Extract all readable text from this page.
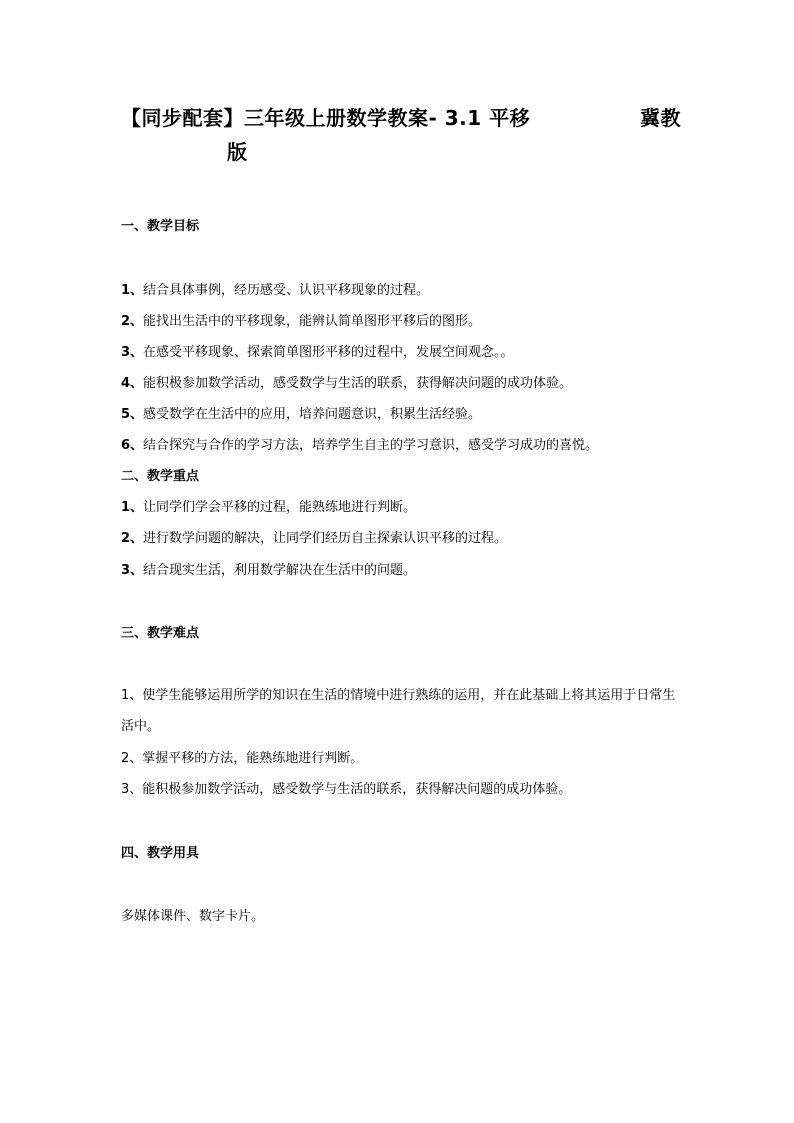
【同步配套】三年级上册数学教案- 3.1 平移	冀教
版
一、教学目标
1、结合具体事例，经历感受、认识平移现象的过程。
2、能找出生活中的平移现象，能辨认简单图形平移后的图形。
3、在感受平移现象、探索简单图形平移的过程中，发展空间观念。。
4、能积极参加数学活动，感受数学与生活的联系，获得解决问题的成功体验。
5、感受数学在生活中的应用，培养问题意识，积累生活经验。
6、结合探究与合作的学习方法，培养学生自主的学习意识，感受学习成功的喜悦。
二、教学重点
1、让同学们学会平移的过程，能熟练地进行判断。
2、进行数学问题的解决，让同学们经历自主探索认识平移的过程。
3、结合现实生活，利用数学解决在生活中的问题。
三、教学难点
1、使学生能够运用所学的知识在生活的情境中进行熟练的运用，并在此基础上将其运用于日常生活中。
2、掌握平移的方法，能熟练地进行判断。
3、能积极参加数学活动，感受数学与生活的联系，获得解决问题的成功体验。
四、教学用具
多媒体课件、数字卡片。
